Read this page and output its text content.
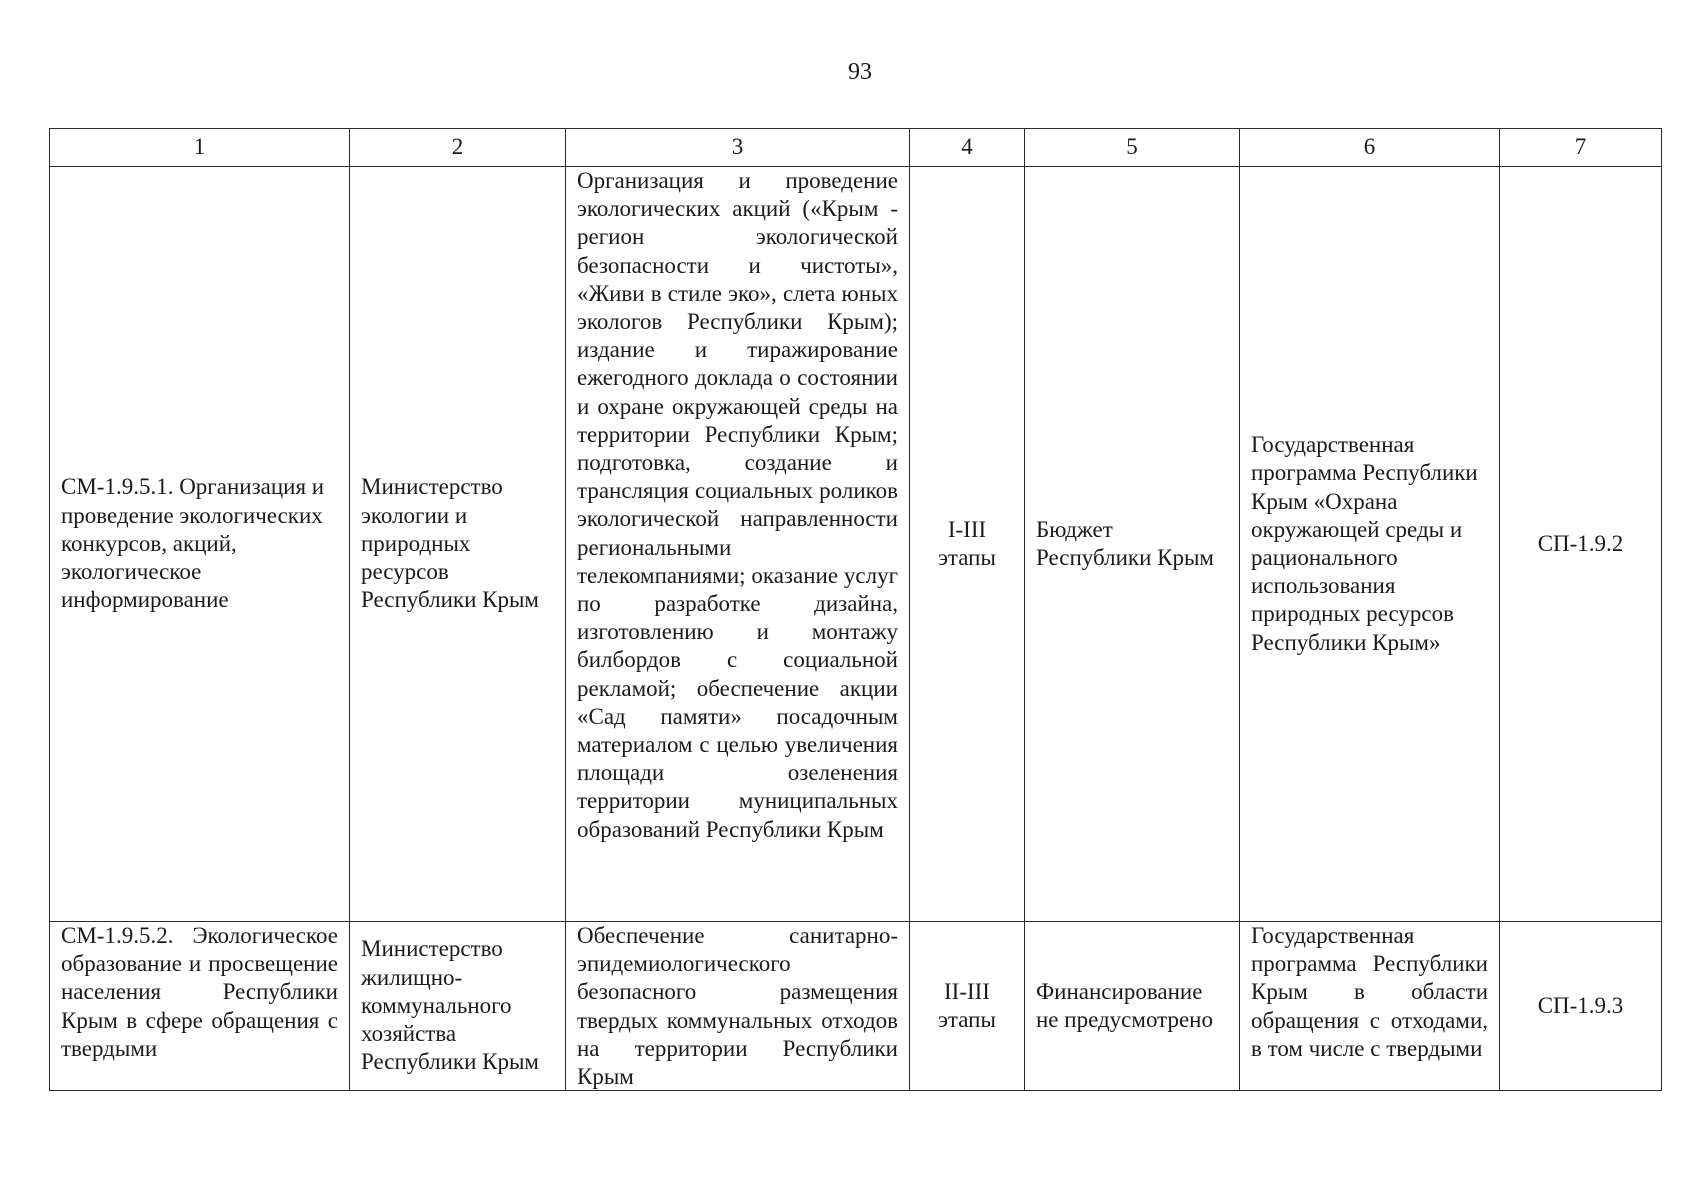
93
1	2	3	4	5	6	7
СМ-1.9.5.1. Организация и проведение экологических конкурсов, акций, экологическое информирование	Министерство экологии и природных ресурсов Республики Крым	Организация и проведение экологических акций («Крым - регион экологической безопасности и чистоты», «Живи в стиле эко», слета юных экологов Республики Крым); издание и тиражирование ежегодного доклада о состоянии и охране окружающей среды на территории Республики Крым; подготовка, создание и трансляция социальных роликов экологической направленности региональными телекомпаниями; оказание услуг по разработке дизайна, изготовлению и монтажу билбордов с социальной рекламой; обеспечение акции «Сад памяти» посадочным материалом с целью увеличения площади озеленения территории муниципальных образований Республики Крым	I-III этапы	Бюджет Республики Крым	Государственная программа Республики Крым «Охрана окружающей среды и рационального использования природных ресурсов Республики Крым»	СП-1.9.2

СМ-1.9.5.2. Экологическое образование и просвещение населения Республики Крым в сфере обращения с твердыми	Министерство жилищно-коммунального хозяйства Республики Крым	Обеспечение санитарно-эпидемиологического безопасного размещения твердых коммунальных отходов на территории Республики Крым	II-III этапы	Финансирование не предусмотрено	Государственная программа Республики Крым в области обращения с отходами, в том числе с твердыми	СП-1.9.3
